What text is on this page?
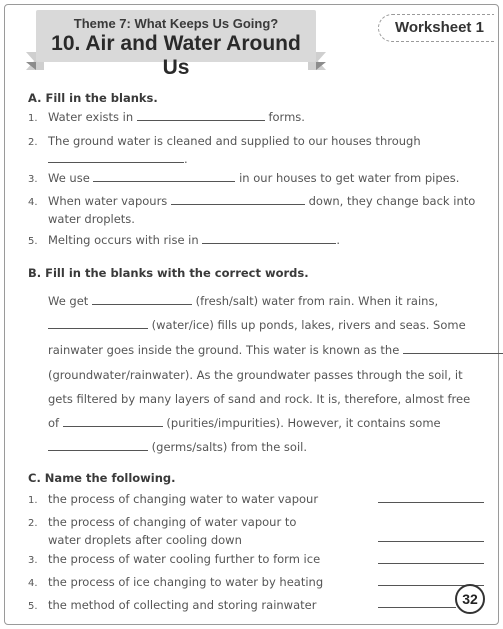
Theme 7: What Keeps Us Going?
10. Air and Water Around Us
Worksheet 1
A. Fill in the blanks.
1. Water exists in	forms.
2. The ground water is cleaned and supplied to our houses through
.
3. We use	in our houses to get water from pipes.
4. When water vapours	down, they change back into
water droplets.
5. Melting occurs with rise in	.
B. Fill in the blanks with the correct words.
We get	(fresh/salt) water from rain. When it rains,
(water/ice) fills up ponds, lakes, rivers and seas. Some
rainwater goes inside the ground. This water is known as the
(groundwater/rainwater). As the groundwater passes through the soil, it
gets filtered by many layers of sand and rock. It is, therefore, almost free
of	(purities/impurities). However, it contains some
(germs/salts) from the soil.
C. Name the following.
1. the process of changing water to water vapour
2. the process of changing of water vapour to
water droplets after cooling down
3. the process of water cooling further to form ice
4. the process of ice changing to water by heating
5. the method of collecting and storing rainwater	32
